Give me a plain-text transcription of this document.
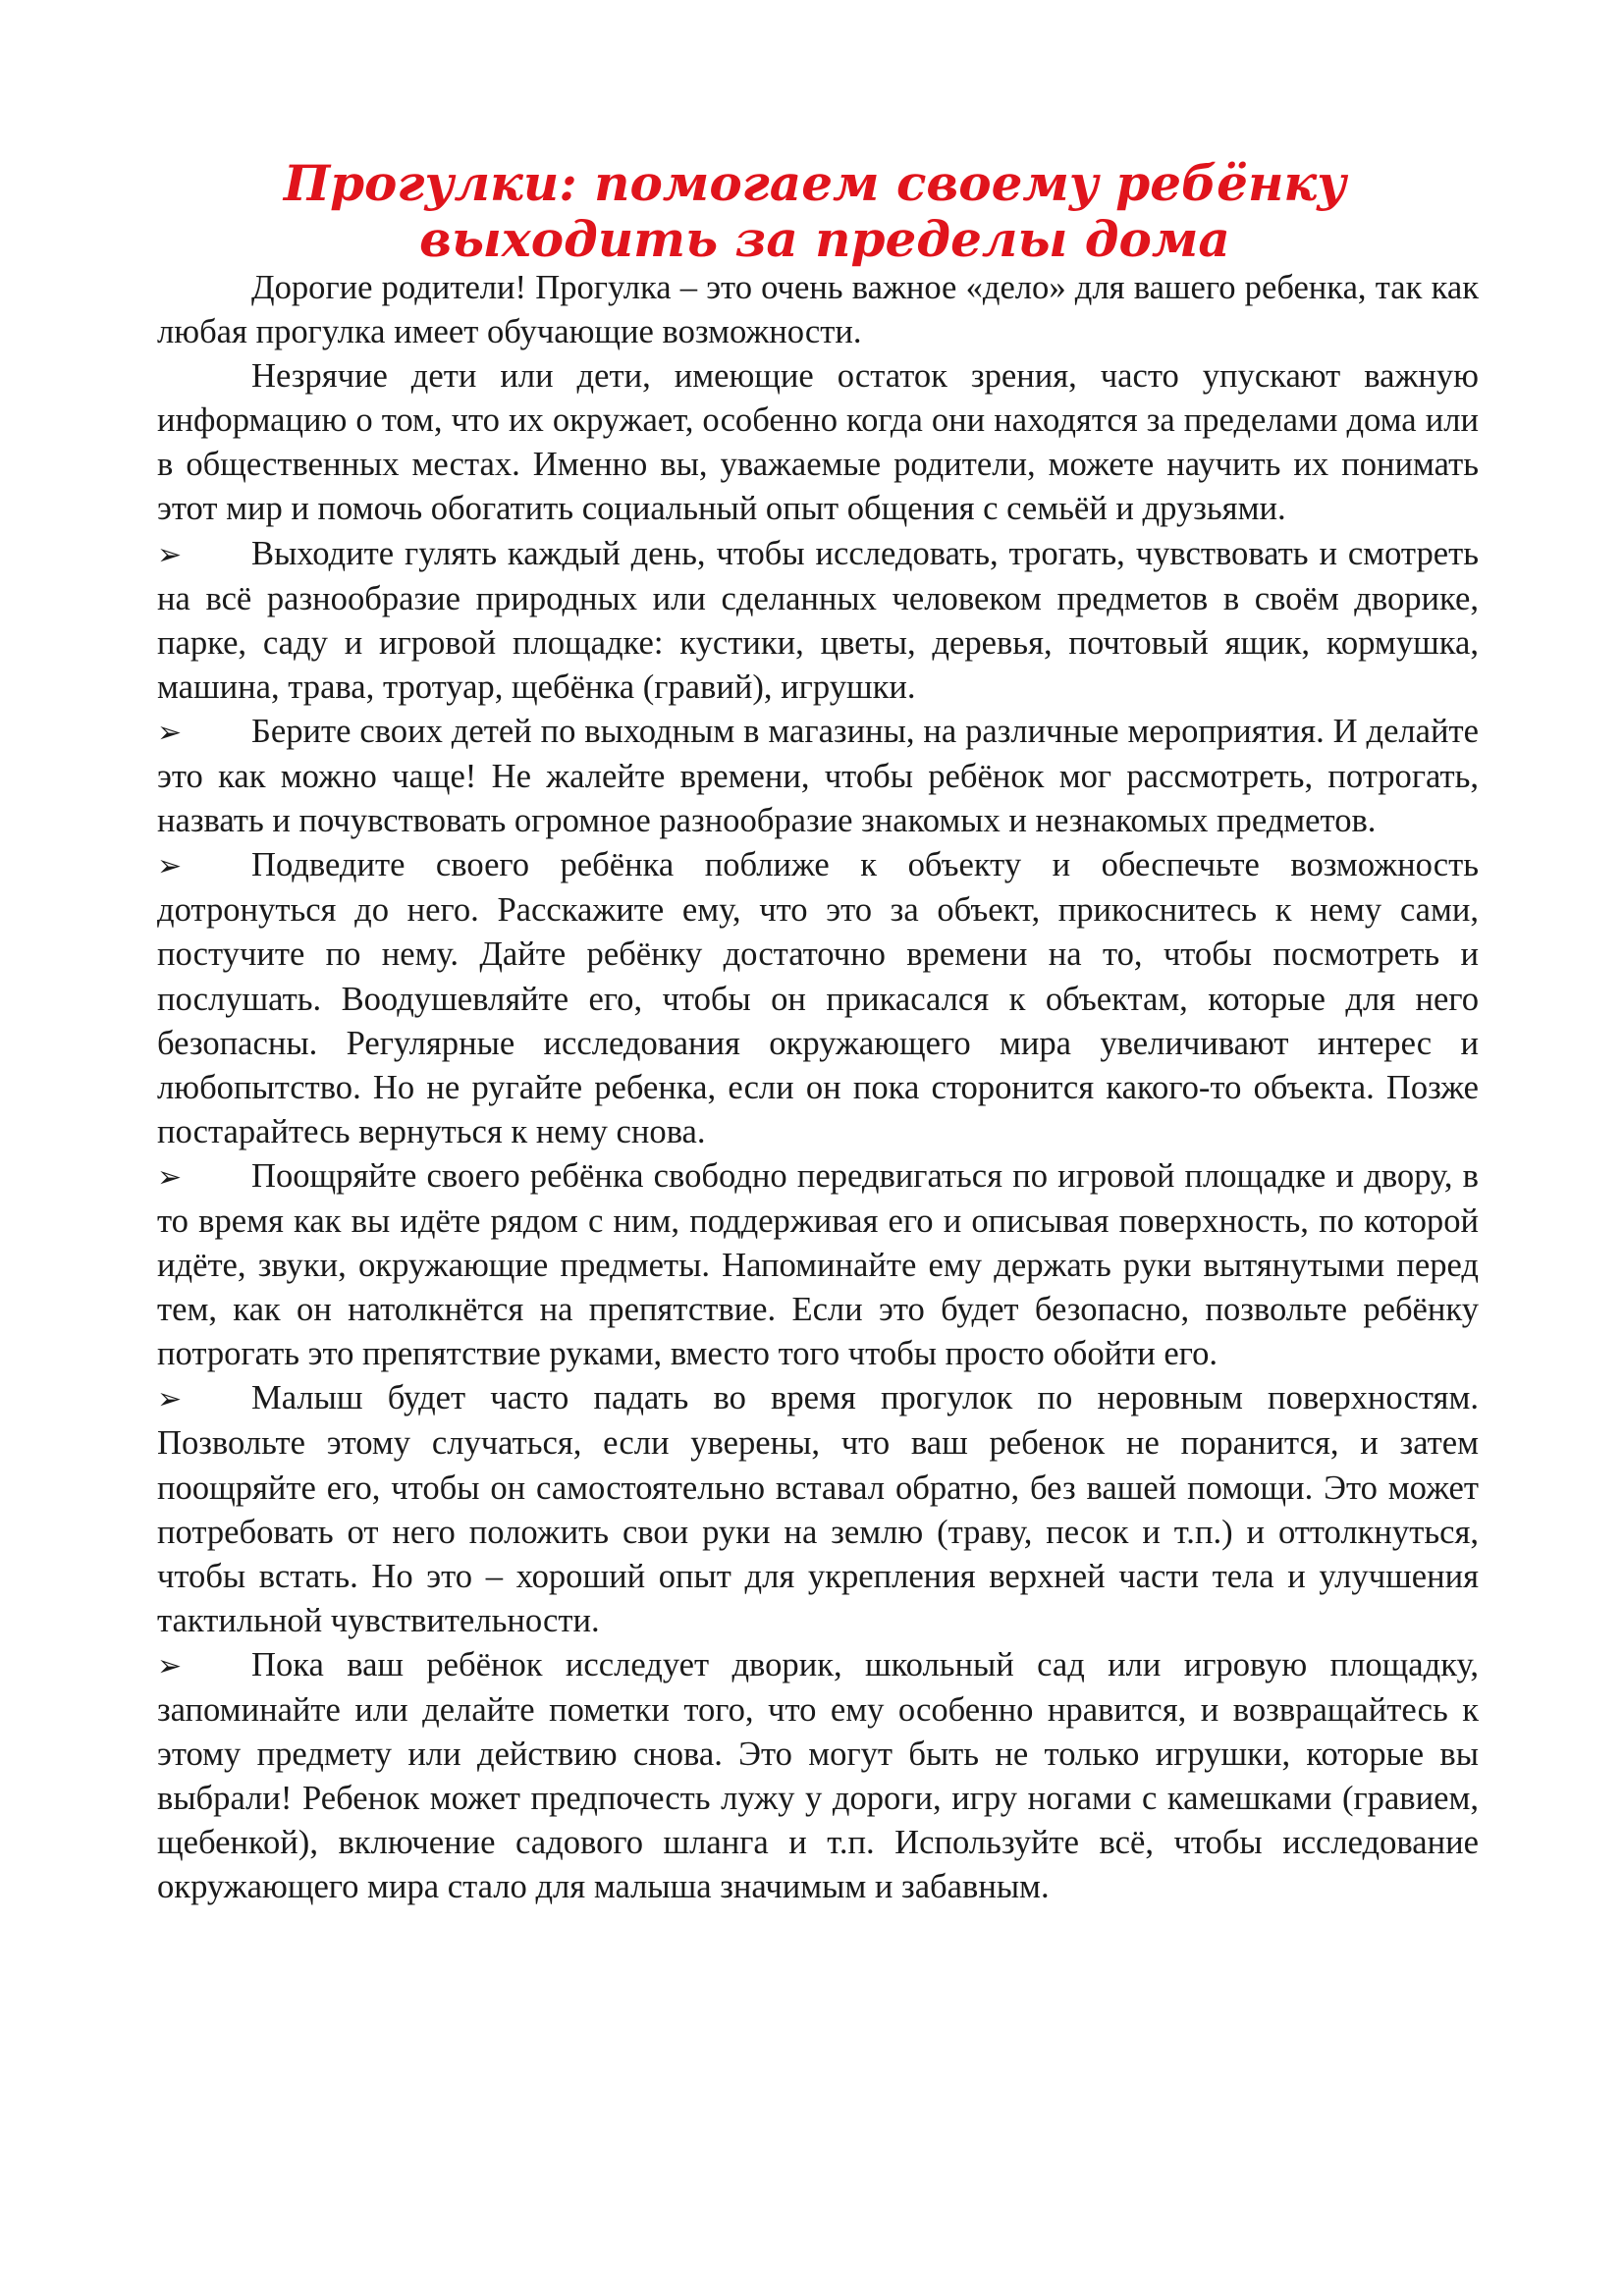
Прогулки: помогаем своему ребёнку
выходить за пределы дома

Дорогие родители! Прогулка – это очень важное «дело» для вашего ребенка, так как любая прогулка имеет обучающие возможности.

Незрячие дети или дети, имеющие остаток зрения, часто упускают важную информацию о том, что их окружает, особенно когда они находятся за пределами дома или в общественных местах. Именно вы, уважаемые родители, можете научить их понимать этот мир и помочь обогатить социальный опыт общения с семьёй и друзьями.

➢ Выходите гулять каждый день, чтобы исследовать, трогать, чувствовать и смотреть на всё разнообразие природных или сделанных человеком предметов в своём дворике, парке, саду и игровой площадке: кустики, цветы, деревья, почтовый ящик, кормушка, машина, трава, тротуар, щебёнка (гравий), игрушки.

➢ Берите своих детей по выходным в магазины, на различные мероприятия. И делайте это как можно чаще! Не жалейте времени, чтобы ребёнок мог рассмотреть, потрогать, назвать и почувствовать огромное разнообразие знакомых и незнакомых предметов.

➢ Подведите своего ребёнка поближе к объекту и обеспечьте возможность дотронуться до него. Расскажите ему, что это за объект, прикоснитесь к нему сами, постучите по нему. Дайте ребёнку достаточно времени на то, чтобы посмотреть и послушать. Воодушевляйте его, чтобы он прикасался к объектам, которые для него безопасны. Регулярные исследования окружающего мира увеличивают интерес и любопытство. Но не ругайте ребенка, если он пока сторонится какого-то объекта. Позже постарайтесь вернуться к нему снова.

➢ Поощряйте своего ребёнка свободно передвигаться по игровой площадке и двору, в то время как вы идёте рядом с ним, поддерживая его и описывая поверхность, по которой идёте, звуки, окружающие предметы. Напоминайте ему держать руки вытянутыми перед тем, как он натолкнётся на препятствие. Если это будет безопасно, позвольте ребёнку потрогать это препятствие руками, вместо того чтобы просто обойти его.

➢ Малыш будет часто падать во время прогулок по неровным поверхностям. Позвольте этому случаться, если уверены, что ваш ребенок не поранится, и затем поощряйте его, чтобы он самостоятельно вставал обратно, без вашей помощи. Это может потребовать от него положить свои руки на землю (траву, песок и т.п.) и оттолкнуться, чтобы встать. Но это – хороший опыт для укрепления верхней части тела и улучшения тактильной чувствительности.

➢ Пока ваш ребёнок исследует дворик, школьный сад или игровую площадку, запоминайте или делайте пометки того, что ему особенно нравится, и возвращайтесь к этому предмету или действию снова. Это могут быть не только игрушки, которые вы выбрали! Ребенок может предпочесть лужу у дороги, игру ногами с камешками (гравием, щебенкой), включение садового шланга и т.п. Используйте всё, чтобы исследование окружающего мира стало для малыша значимым и забавным.
